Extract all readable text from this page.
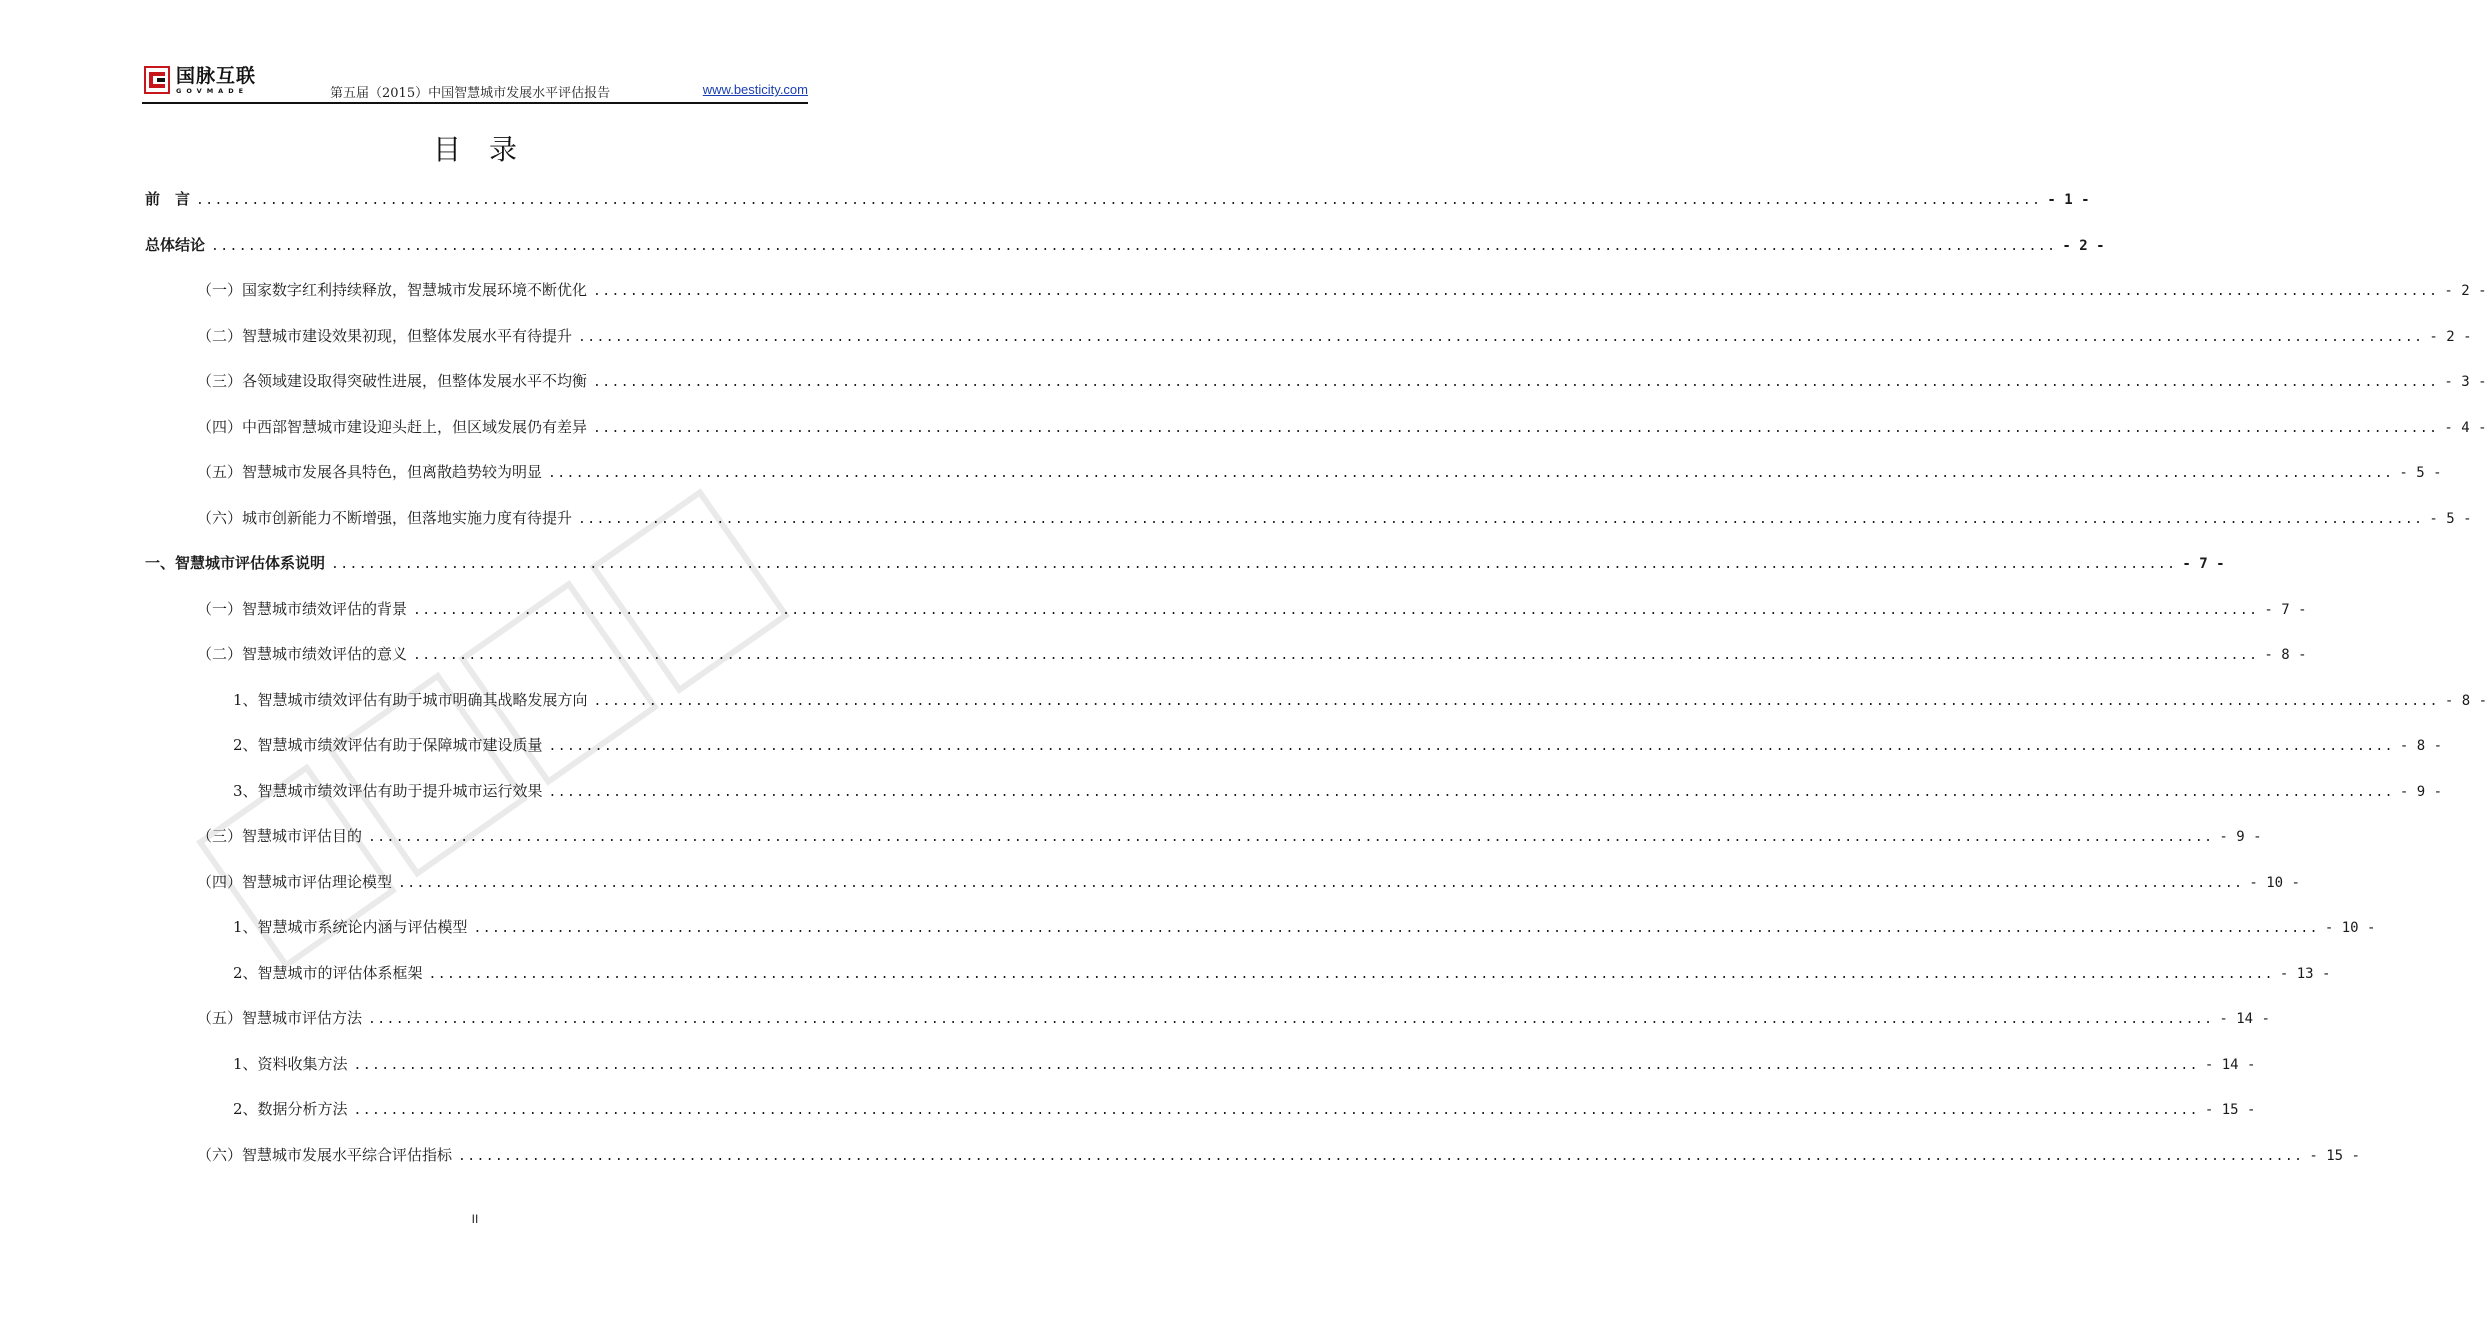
国脉互联
GOVMADE	第五届（2015）中国智慧城市发展水平评估报告	www.besticity.com
目录
前　言 ........................................................................................................................................................................................................ - 1 -
总体结论 ........................................................................................................................................................................................................ - 2 -
（一）国家数字红利持续释放，智慧城市发展环境不断优化 ........................................................................................................................................................................................................ - 2 -
（二）智慧城市建设效果初现，但整体发展水平有待提升 ........................................................................................................................................................................................................ - 2 -
（三）各领域建设取得突破性进展，但整体发展水平不均衡 ........................................................................................................................................................................................................ - 3 -
（四）中西部智慧城市建设迎头赶上，但区域发展仍有差异 ........................................................................................................................................................................................................ - 4 -
（五）智慧城市发展各具特色，但离散趋势较为明显 ........................................................................................................................................................................................................ - 5 -
（六）城市创新能力不断增强，但落地实施力度有待提升 ........................................................................................................................................................................................................ - 5 -
一、智慧城市评估体系说明 ........................................................................................................................................................................................................ - 7 -
（一）智慧城市绩效评估的背景 ........................................................................................................................................................................................................ - 7 -
（二）智慧城市绩效评估的意义 ........................................................................................................................................................................................................ - 8 -
1、智慧城市绩效评估有助于城市明确其战略发展方向 ........................................................................................................................................................................................................ - 8 -
2、智慧城市绩效评估有助于保障城市建设质量 ........................................................................................................................................................................................................ - 8 -
3、智慧城市绩效评估有助于提升城市运行效果 ........................................................................................................................................................................................................ - 9 -
（三）智慧城市评估目的 ........................................................................................................................................................................................................ - 9 -
（四）智慧城市评估理论模型 ........................................................................................................................................................................................................ - 10 -
1、智慧城市系统论内涵与评估模型 ........................................................................................................................................................................................................ - 10 -
2、智慧城市的评估体系框架 ........................................................................................................................................................................................................ - 13 -
（五）智慧城市评估方法 ........................................................................................................................................................................................................ - 14 -
1、资料收集方法 ........................................................................................................................................................................................................ - 14 -
2、数据分析方法 ........................................................................................................................................................................................................ - 15 -
（六）智慧城市发展水平综合评估指标 ........................................................................................................................................................................................................ - 15 -
II
